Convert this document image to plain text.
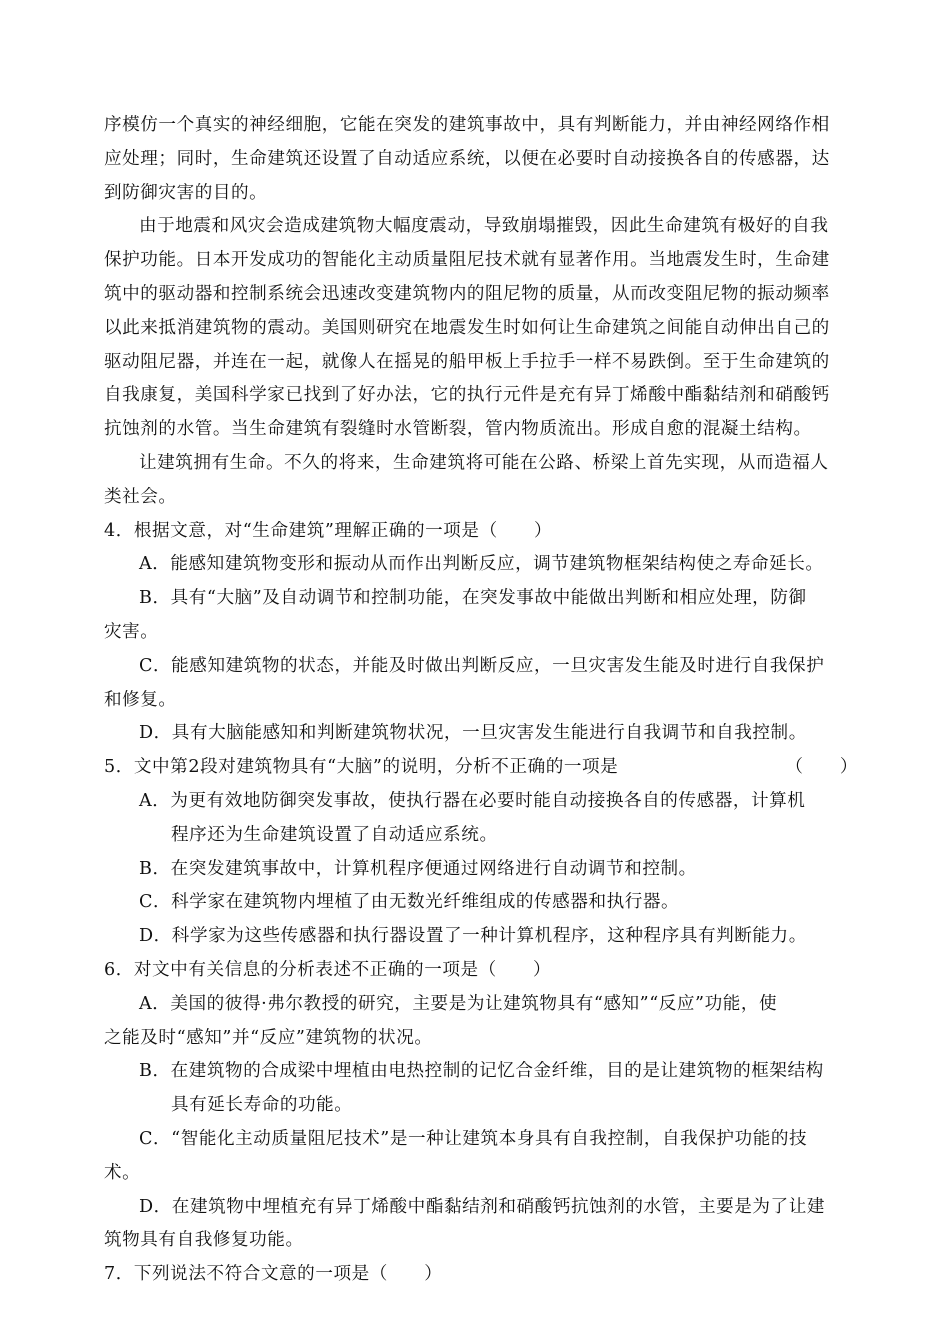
序模仿一个真实的神经细胞，它能在突发的建筑事故中，具有判断能力，并由神经网络作相
应处理；同时，生命建筑还设置了自动适应系统，以便在必要时自动接换各自的传感器，达
到防御灾害的目的。
由于地震和风灾会造成建筑物大幅度震动，导致崩塌摧毁，因此生命建筑有极好的自我
保护功能。日本开发成功的智能化主动质量阻尼技术就有显著作用。当地震发生时，生命建
筑中的驱动器和控制系统会迅速改变建筑物内的阻尼物的质量，从而改变阻尼物的振动频率
以此来抵消建筑物的震动。美国则研究在地震发生时如何让生命建筑之间能自动伸出自己的
驱动阻尼器，并连在一起，就像人在摇晃的船甲板上手拉手一样不易跌倒。至于生命建筑的
自我康复，美国科学家已找到了好办法，它的执行元件是充有异丁烯酸中酯黏结剂和硝酸钙
抗蚀剂的水管。当生命建筑有裂缝时水管断裂，管内物质流出。形成自愈的混凝土结构。
让建筑拥有生命。不久的将来，生命建筑将可能在公路、桥梁上首先实现，从而造福人
类社会。
4．根据文意，对“生命建筑”理解正确的一项是（　　）
A．能感知建筑物变形和振动从而作出判断反应，调节建筑物框架结构使之寿命延长。
B．具有“大脑”及自动调节和控制功能，在突发事故中能做出判断和相应处理，防御
灾害。
C．能感知建筑物的状态，并能及时做出判断反应，一旦灾害发生能及时进行自我保护
和修复。
D．具有大脑能感知和判断建筑物状况，一旦灾害发生能进行自我调节和自我控制。
5．文中第2段对建筑物具有“大脑”的说明，分析不正确的一项是	（　　）
A．为更有效地防御突发事故，使执行器在必要时能自动接换各自的传感器，计算机
程序还为生命建筑设置了自动适应系统。
B．在突发建筑事故中，计算机程序便通过网络进行自动调节和控制。
C．科学家在建筑物内埋植了由无数光纤维组成的传感器和执行器。
D．科学家为这些传感器和执行器设置了一种计算机程序，这种程序具有判断能力。
6．对文中有关信息的分析表述不正确的一项是（　　）
A．美国的彼得·弗尔教授的研究，主要是为让建筑物具有“感知”“反应”功能，使
之能及时“感知”并“反应”建筑物的状况。
B．在建筑物的合成梁中埋植由电热控制的记忆合金纤维，目的是让建筑物的框架结构
具有延长寿命的功能。
C．“智能化主动质量阻尼技术”是一种让建筑本身具有自我控制，自我保护功能的技
术。
D．在建筑物中埋植充有异丁烯酸中酯黏结剂和硝酸钙抗蚀剂的水管，主要是为了让建
筑物具有自我修复功能。
7．下列说法不符合文意的一项是（　　）
